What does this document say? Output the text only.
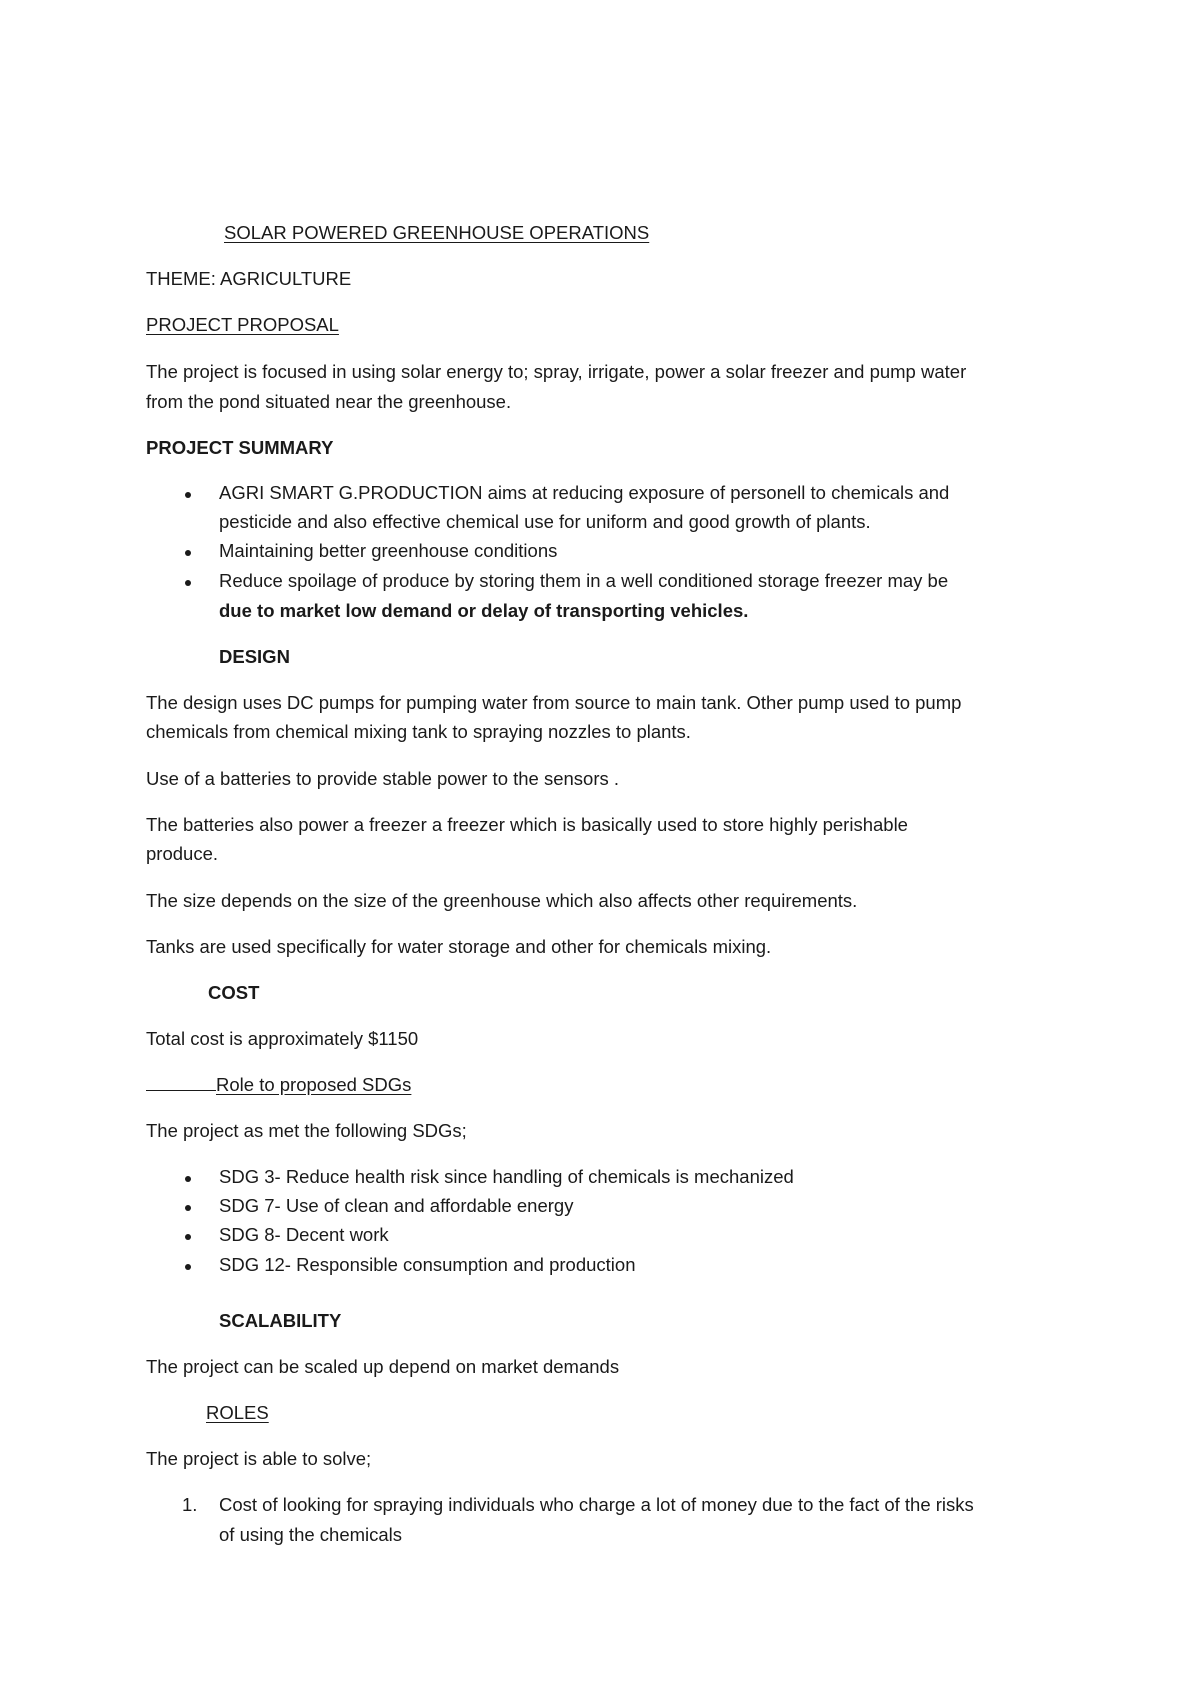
SOLAR POWERED GREENHOUSE OPERATIONS
THEME: AGRICULTURE
PROJECT PROPOSAL
The project is focused in using solar energy to; spray, irrigate, power a solar freezer and pump water
from the pond situated near the greenhouse.
PROJECT SUMMARY
AGRI SMART G.PRODUCTION aims at reducing exposure of personell to chemicals and
pesticide and also effective chemical use for uniform and good growth of plants.
Maintaining better greenhouse conditions
Reduce spoilage of produce by storing them in a well conditioned storage freezer may be
due to market low demand or delay of transporting vehicles.
DESIGN
The design uses DC pumps for pumping water from source to main tank. Other pump used to pump
chemicals from chemical mixing tank to spraying nozzles to plants.
Use of a batteries to provide stable power to the sensors .
The batteries also power a freezer a freezer which is basically used to store highly perishable
produce.
The size depends on the size of the greenhouse which also affects other requirements.
Tanks are used specifically for water storage and other for chemicals mixing.
COST
Total cost is approximately $1150
Role to proposed SDGs
The project as met the following SDGs;
SDG 3- Reduce health risk since handling of chemicals is mechanized
SDG 7- Use of clean and affordable energy
SDG 8- Decent work
SDG 12- Responsible consumption and production
SCALABILITY
The project can be scaled up depend on market demands
ROLES
The project is able to solve;
1. Cost of looking for spraying individuals who charge a lot of money due to the fact of the risks
of using the chemicals
